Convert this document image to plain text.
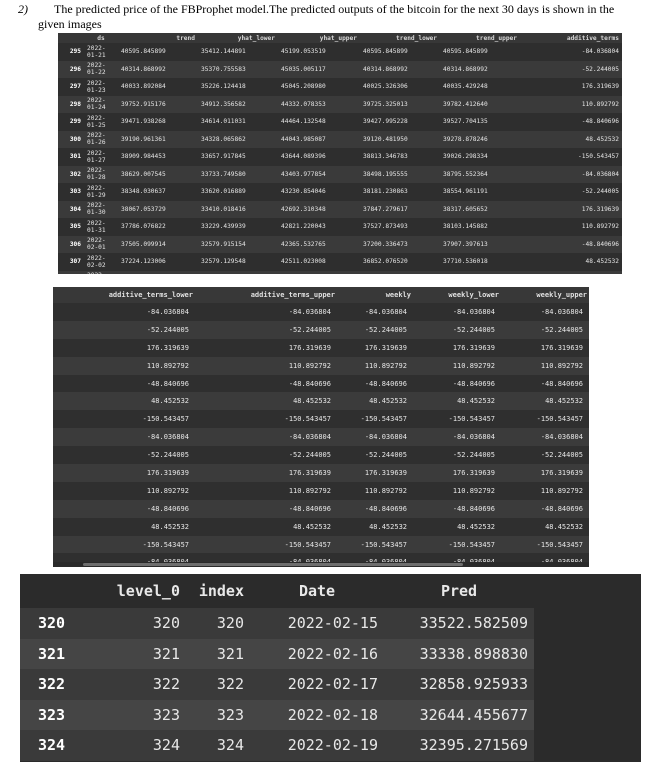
2) The predicted price of the FBProphet model.The predicted outputs of the bitcoin for the next 30 days is shown in the
given images
	ds	trend	yhat_lower	yhat_upper	trend_lower	trend_upper	additive_terms
295	2022-
01-21	40595.845899	35412.144891	45199.053519	40595.845899	40595.845899	-84.036804
296	2022-
01-22	40314.868992	35370.755583	45035.005117	40314.868992	40314.868992	-52.244005
297	2022-
01-23	40033.892084	35226.124418	45045.208980	40025.326306	40035.429248	176.319639
298	2022-
01-24	39752.915176	34912.356582	44332.078353	39725.325013	39782.412640	110.892792
299	2022-
01-25	39471.938268	34614.011031	44464.132548	39427.995228	39527.704135	-48.840696
300	2022-
01-26	39190.961361	34328.065862	44043.985087	39120.481950	39278.878246	48.452532
301	2022-
01-27	38909.984453	33657.917845	43644.089396	38813.346783	39026.298334	-150.543457
302	2022-
01-28	38629.007545	33733.749580	43403.977854	38498.195555	38795.552364	-84.036804
303	2022-
01-29	38348.030637	33620.016889	43230.854046	38181.230863	38554.961191	-52.244005
304	2022-
01-30	38067.053729	33410.018416	42692.310348	37847.279617	38317.605652	176.319639
305	2022-
01-31	37786.076822	33229.439939	42821.220043	37527.873493	38103.145882	110.892792
306	2022-
02-01	37505.099914	32579.915154	42365.532765	37200.336473	37907.397613	-48.840696
307	2022-
02-02	37224.123006	32579.129548	42511.023008	36852.076520	37710.536018	48.452532

additive_terms_lower	additive_terms_upper	weekly	weekly_lower	weekly_upper
-84.036804	-84.036804	-84.036804	-84.036804	-84.036804
-52.244005	-52.244005	-52.244005	-52.244005	-52.244005
176.319639	176.319639	176.319639	176.319639	176.319639
110.892792	110.892792	110.892792	110.892792	110.892792
-48.840696	-48.840696	-48.840696	-48.840696	-48.840696
48.452532	48.452532	48.452532	48.452532	48.452532
-150.543457	-150.543457	-150.543457	-150.543457	-150.543457
-84.036804	-84.036804	-84.036804	-84.036804	-84.036804
-52.244005	-52.244005	-52.244005	-52.244005	-52.244005
176.319639	176.319639	176.319639	176.319639	176.319639
110.892792	110.892792	110.892792	110.892792	110.892792
-48.840696	-48.840696	-48.840696	-48.840696	-48.840696
48.452532	48.452532	48.452532	48.452532	48.452532
-150.543457	-150.543457	-150.543457	-150.543457	-150.543457

	level_0	index	Date	Pred
320	320	320	2022-02-15	33522.582509
321	321	321	2022-02-16	33338.898830
322	322	322	2022-02-17	32858.925933
323	323	323	2022-02-18	32644.455677
324	324	324	2022-02-19	32395.271569
